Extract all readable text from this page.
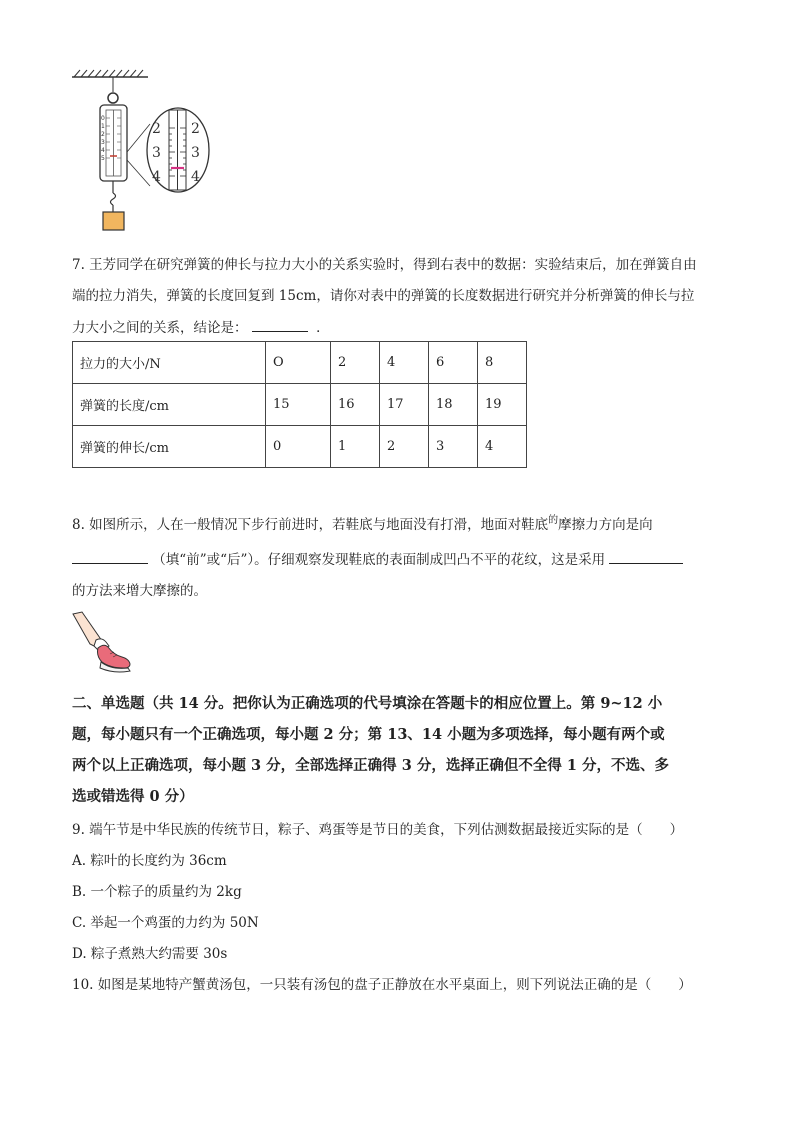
0
1
2
3
4
5
2
3
4
2
3
4
7. 王芳同学在研究弹簧的伸长与拉力大小的关系实验时，得到右表中的数据：实验结束后，加在弹簧自由
端的拉力消失，弹簧的长度回复到 15cm，请你对表中的弹簧的长度数据进行研究并分析弹簧的伸长与拉
力大小之间的关系，结论是：	．
拉力的大小/N	O	2	4	6	8
弹簧的长度/cm	15	16	17	18	19
弹簧的伸长/cm	0	1	2	3	4
8. 如图所示，人在一般情况下步行前进时，若鞋底与地面没有打滑，地面对鞋底$^的$摩擦力方向是向
（填“前”或“后”）。仔细观察发现鞋底的表面制成凹凸不平的花纹，这是采用
的方法来增大摩擦的。
二、单选题（共 14 分。把你认为正确选项的代号填涂在答题卡的相应位置上。第 9~12 小
题，每小题只有一个正确选项，每小题 2 分；第 13、14 小题为多项选择，每小题有两个或
两个以上正确选项，每小题 3 分，全部选择正确得 3 分，选择正确但不全得 1 分，不选、多
选或错选得 0 分）
9. 端午节是中华民族的传统节日，粽子、鸡蛋等是节日的美食，下列估测数据最接近实际的是（　　）
A. 粽叶的长度约为 36cm
B. 一个粽子的质量约为 2kg
C. 举起一个鸡蛋的力约为 50N
D. 粽子煮熟大约需要 30s
10. 如图是某地特产蟹黄汤包，一只装有汤包的盘子正静放在水平桌面上，则下列说法正确的是（　　）
